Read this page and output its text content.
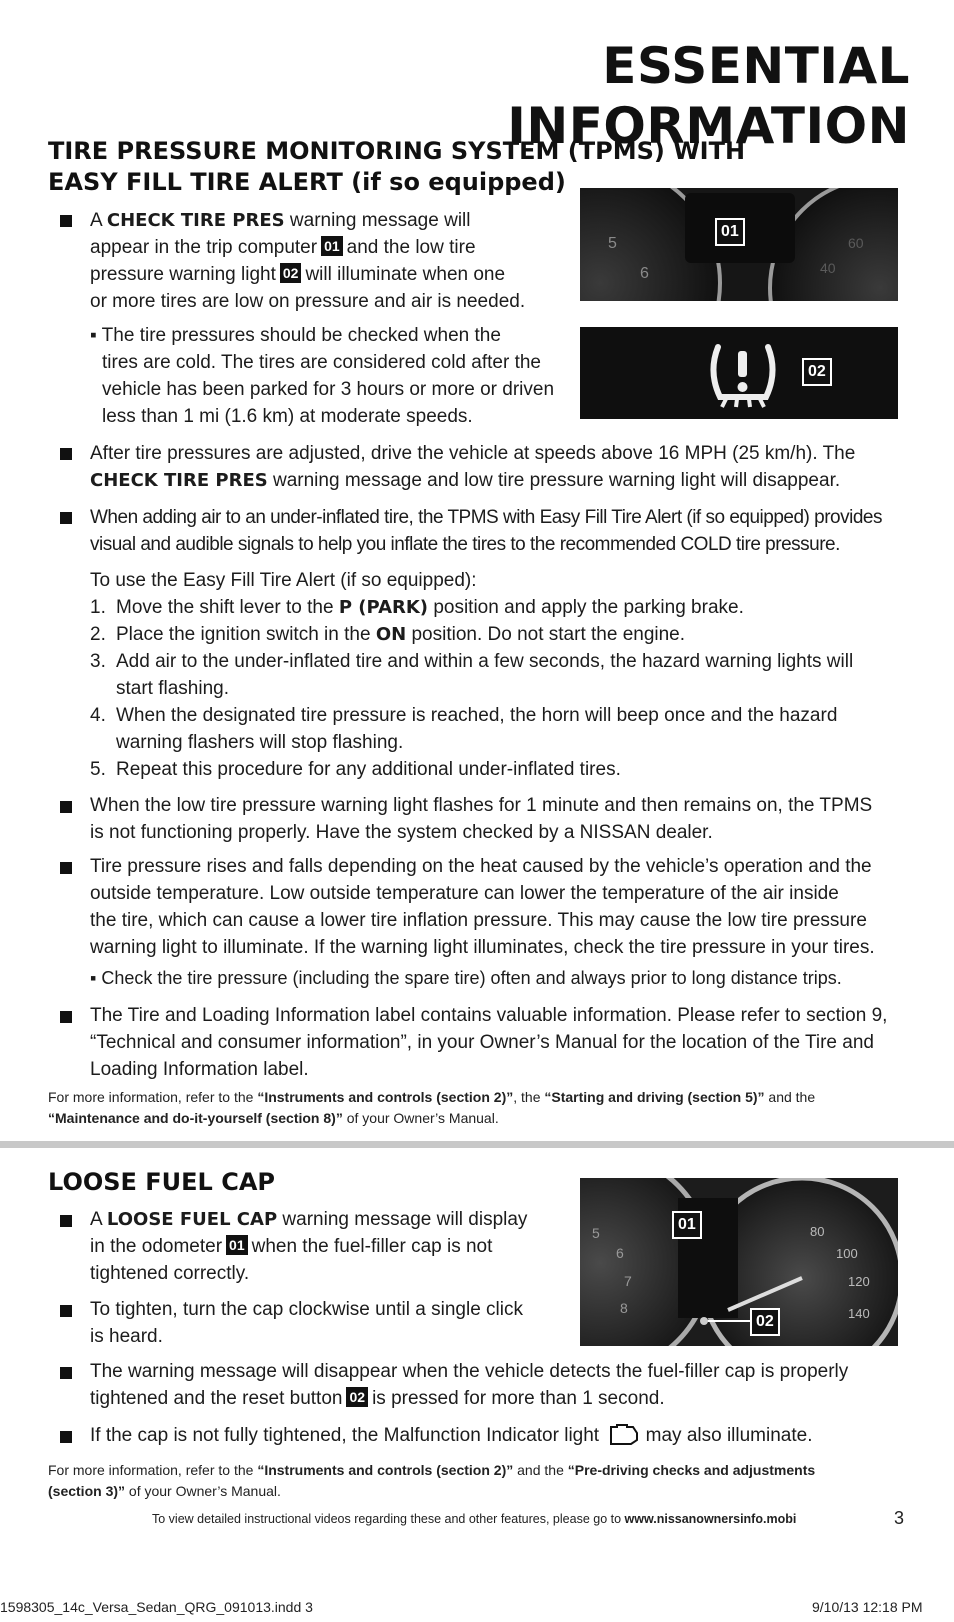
ESSENTIAL INFORMATION
TIRE PRESSURE MONITORING SYSTEM (TPMS) WITH
EASY FILL TIRE ALERT (if so equipped)
A CHECK TIRE PRES warning message will
appear in the trip computer 01 and the low tire
pressure warning light 02 will illuminate when one
or more tires are low on pressure and air is needed.
▪ The tire pressures should be checked when the
tires are cold. The tires are considered cold after the
vehicle has been parked for 3 hours or more or driven
less than 1 mi (1.6 km) at moderate speeds.
5
6
60
40
01
02
After tire pressures are adjusted, drive the vehicle at speeds above 16 MPH (25 km/h). The
CHECK TIRE PRES warning message and low tire pressure warning light will disappear.
When adding air to an under-inflated tire, the TPMS with Easy Fill Tire Alert (if so equipped) provides
visual and audible signals to help you inflate the tires to the recommended COLD tire pressure.
To use the Easy Fill Tire Alert (if so equipped):
1. Move the shift lever to the P (PARK) position and apply the parking brake.
2. Place the ignition switch in the ON position. Do not start the engine.
3. Add air to the under-inflated tire and within a few seconds, the hazard warning lights will
start flashing.
4. When the designated tire pressure is reached, the horn will beep once and the hazard
warning flashers will stop flashing.
5. Repeat this procedure for any additional under-inflated tires.
When the low tire pressure warning light flashes for 1 minute and then remains on, the TPMS
is not functioning properly. Have the system checked by a NISSAN dealer.
Tire pressure rises and falls depending on the heat caused by the vehicle’s operation and the
outside temperature. Low outside temperature can lower the temperature of the air inside
the tire, which can cause a lower tire inflation pressure. This may cause the low tire pressure
warning light to illuminate. If the warning light illuminates, check the tire pressure in your tires.
▪ Check the tire pressure (including the spare tire) often and always prior to long distance trips.
The Tire and Loading Information label contains valuable information. Please refer to section 9,
“Technical and consumer information”, in your Owner’s Manual for the location of the Tire and
Loading Information label.
For more information, refer to the “Instruments and controls (section 2)”, the “Starting and driving (section 5)” and the
“Maintenance and do-it-yourself (section 8)” of your Owner’s Manual.
LOOSE FUEL CAP
A LOOSE FUEL CAP warning message will display
in the odometer 01 when the fuel-filler cap is not
tightened correctly.
To tighten, turn the cap clockwise until a single click
is heard.
5
6
7
8
80
100
120
140
01
02
The warning message will disappear when the vehicle detects the fuel-filler cap is properly
tightened and the reset button 02 is pressed for more than 1 second.
If the cap is not fully tightened, the Malfunction Indicator light may also illuminate.
For more information, refer to the “Instruments and controls (section 2)” and the “Pre-driving checks and adjustments
(section 3)” of your Owner’s Manual.
To view detailed instructional videos regarding these and other features, please go to www.nissanownersinfo.mobi	3
1598305_14c_Versa_Sedan_QRG_091013.indd 3	9/10/13 12:18 PM
